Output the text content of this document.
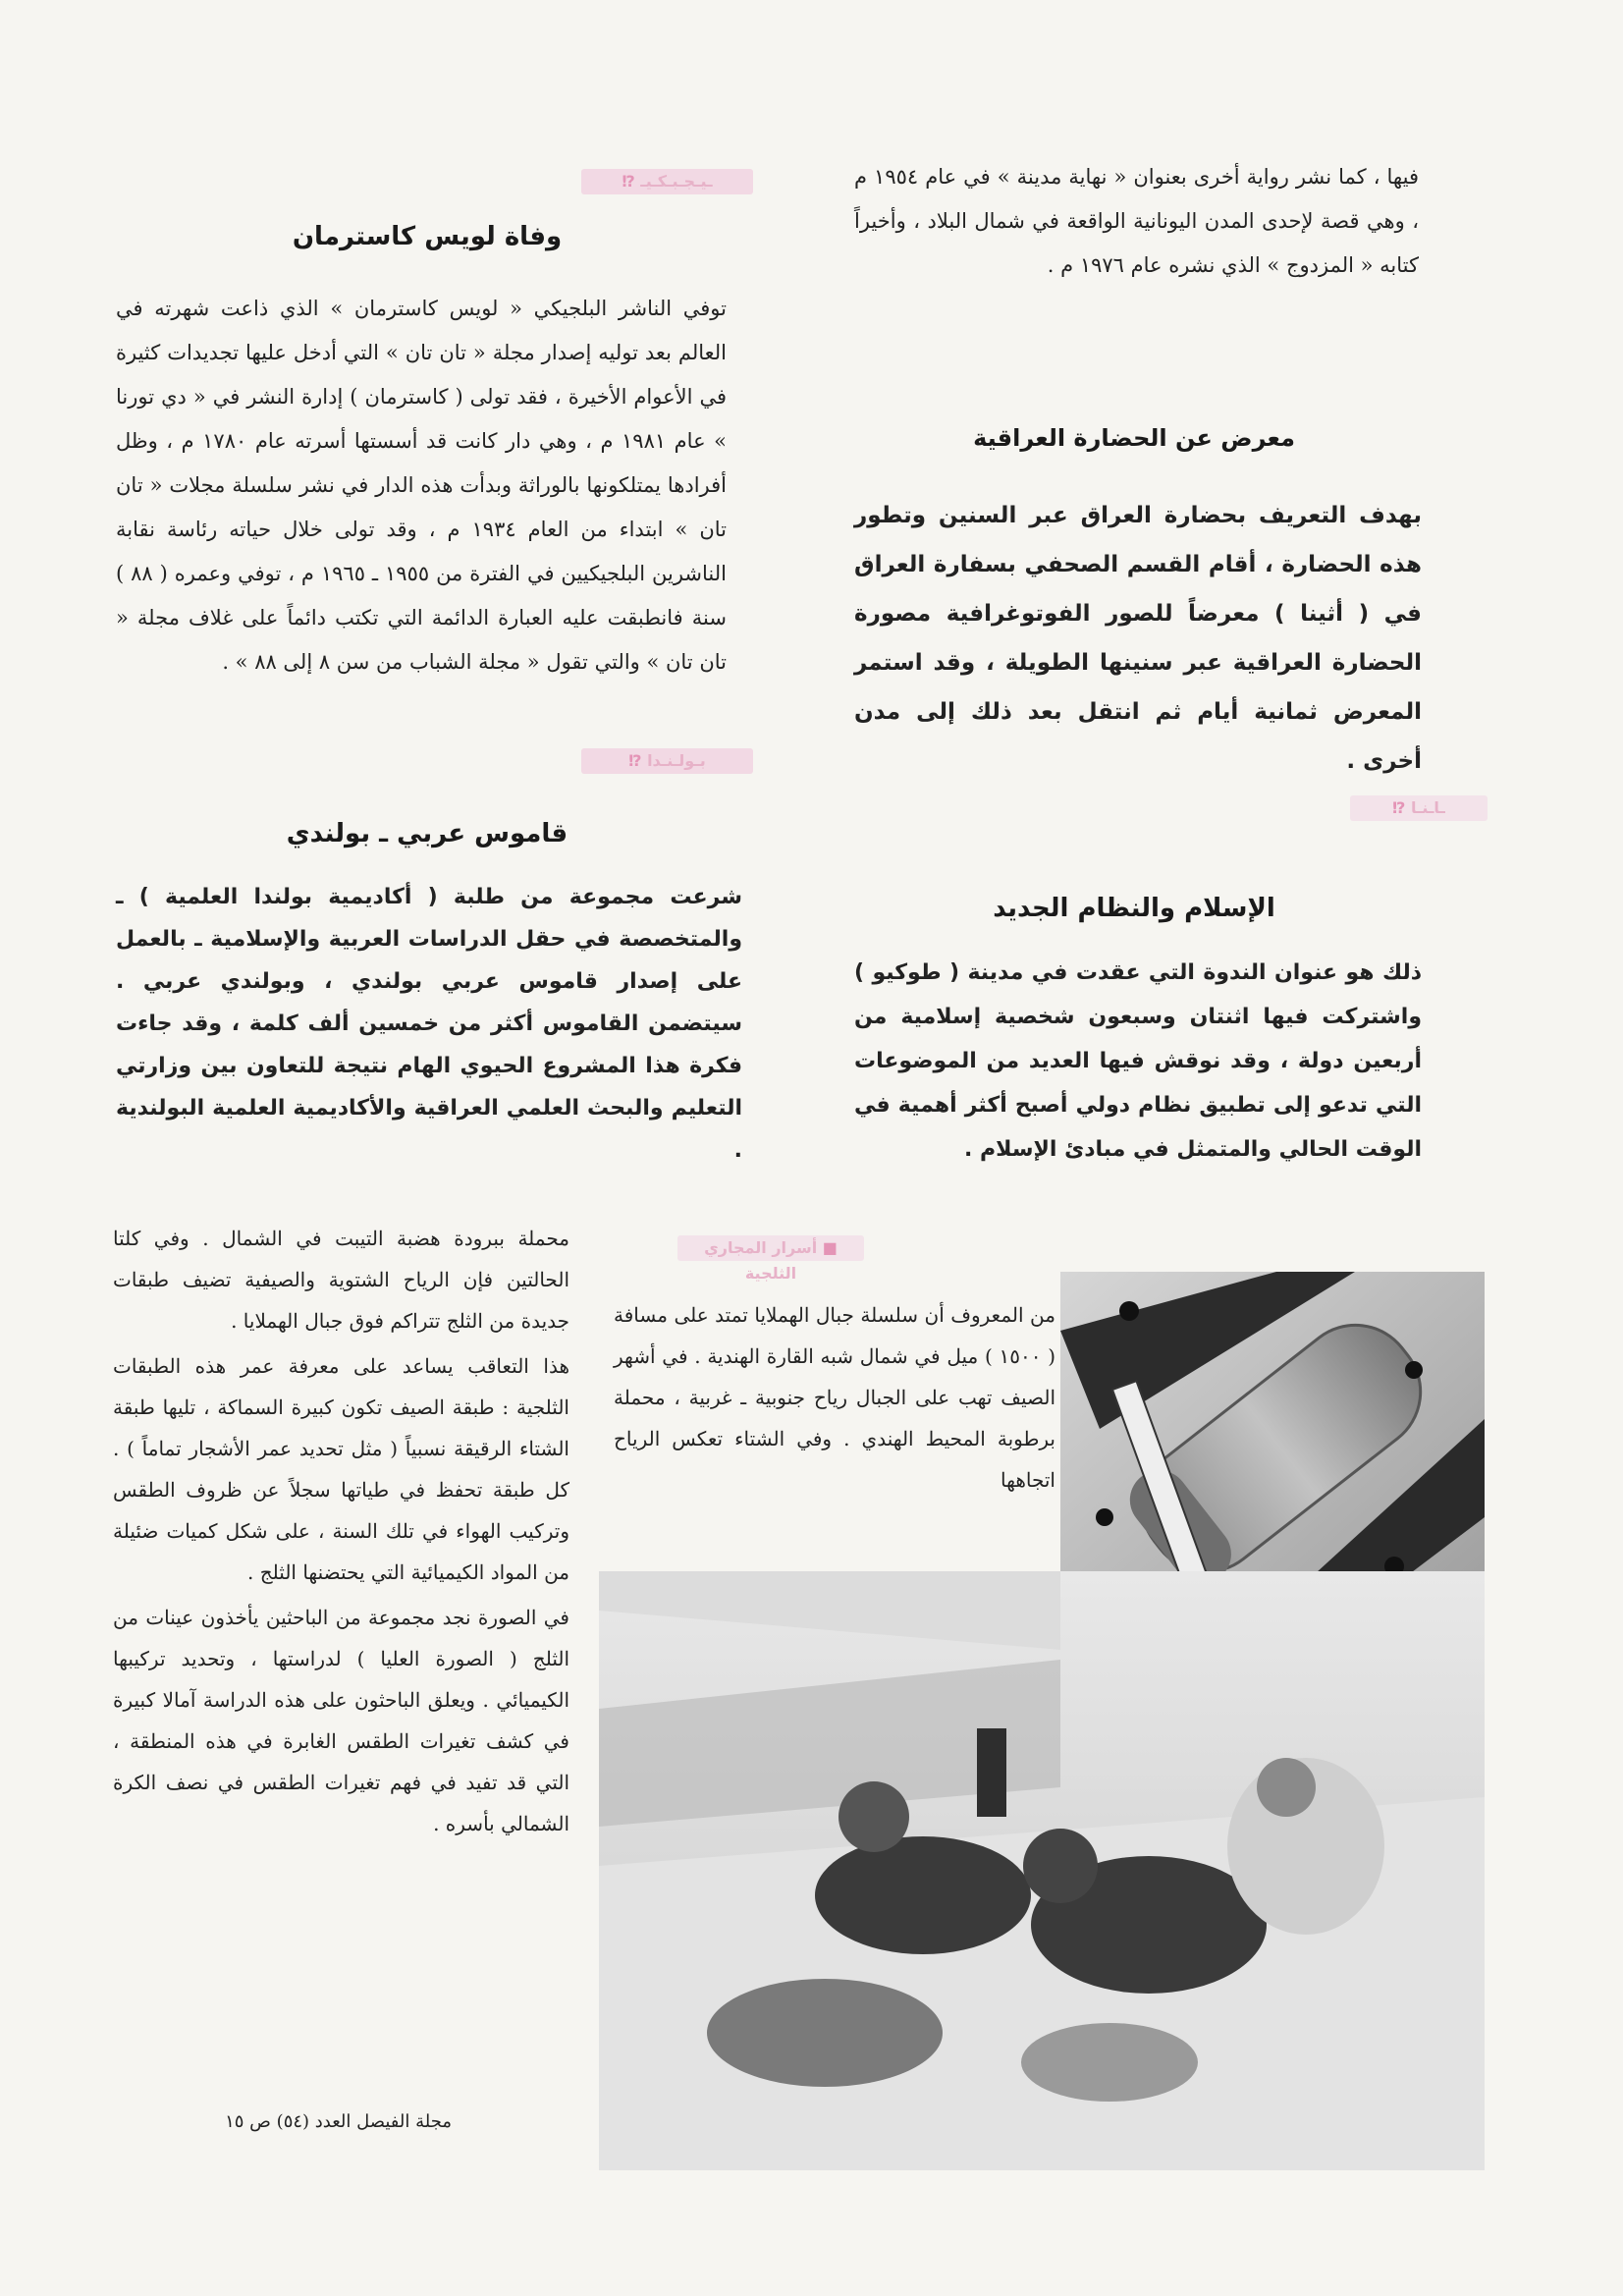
فيها ، كما نشر رواية أخرى بعنوان « نهاية مدينة » في عام ١٩٥٤ م ، وهي قصة لإحدى المدن اليونانية الواقعة في شمال البلاد ، وأخيراً كتابه « المزدوج » الذي نشره عام ١٩٧٦ م .

ـيـجـبـكـيـ ⁉
وفاة لويس كاسترمان

توفي الناشر البلجيكي « لويس كاسترمان » الذي ذاعت شهرته في العالم بعد توليه إصدار مجلة « تان تان » التي أدخل عليها تجديدات كثيرة في الأعوام الأخيرة ، فقد تولى ( كاسترمان ) إدارة النشر في « دي تورنا » عام ١٩٨١ م ، وهي دار كانت قد أسستها أسرته عام ١٧٨٠ م ، وظل أفرادها يمتلكونها بالوراثة وبدأت هذه الدار في نشر سلسلة مجلات « تان تان » ابتداء من العام ١٩٣٤ م ، وقد تولى خلال حياته رئاسة نقابة الناشرين البلجيكيين في الفترة من ١٩٥٥ ـ ١٩٦٥ م ، توفي وعمره ( ٨٨ ) سنة فانطبقت عليه العبارة الدائمة التي تكتب دائماً على غلاف مجلة « تان تان » والتي تقول « مجلة الشباب من سن ٨ إلى ٨٨ » .

معرض عن الحضارة العراقية

بهدف التعريف بحضارة العراق عبر السنين وتطور هذه الحضارة ، أقام القسم الصحفي بسفارة العراق في ( أثينا ) معرضاً للصور الفوتوغرافية مصورة الحضارة العراقية عبر سنينها الطويلة ، وقد استمر المعرض ثمانية أيام ثم انتقل بعد ذلك إلى مدن أخرى .

بـولـنـدا ⁉
ـاـنـا ⁉
قاموس عربي ـ بولندي

شرعت مجموعة من طلبة ( أكاديمية بولندا العلمية ) ـ والمتخصصة في حقل الدراسات العربية والإسلامية ـ بالعمل على إصدار قاموس عربي بولندي ، وبولندي عربي . سيتضمن القاموس أكثر من خمسين ألف كلمة ، وقد جاءت فكرة هذا المشروع الحيوي الهام نتيجة للتعاون بين وزارتي التعليم والبحث العلمي العراقية والأكاديمية العلمية البولندية .

الإسلام والنظام الجديد

ذلك هو عنوان الندوة التي عقدت في مدينة ( طوكيو ) واشتركت فيها اثنتان وسبعون شخصية إسلامية من أربعين دولة ، وقد نوقش فيها العديد من الموضوعات التي تدعو إلى تطبيق نظام دولي أصبح أكثر أهمية في الوقت الحالي والمتمثل في مبادئ الإسلام .

■ أسرار المجاري الثلجية

من المعروف أن سلسلة جبال الهملايا تمتد على مسافة ( ١٥٠٠ ) ميل في شمال شبه القارة الهندية . في أشهر الصيف تهب على الجبال رياح جنوبية ـ غربية ، محملة برطوبة المحيط الهندي . وفي الشتاء تعكس الرياح اتجاهها

محملة ببرودة هضبة التيبت في الشمال . وفي كلتا الحالتين فإن الرياح الشتوية والصيفية تضيف طبقات جديدة من الثلج تتراكم فوق جبال الهملايا .

هذا التعاقب يساعد على معرفة عمر هذه الطبقات الثلجية : طبقة الصيف تكون كبيرة السماكة ، تليها طبقة الشتاء الرقيقة نسبياً ( مثل تحديد عمر الأشجار تماماً ) . كل طبقة تحفظ في طياتها سجلاً عن ظروف الطقس وتركيب الهواء في تلك السنة ، على شكل كميات ضئيلة من المواد الكيميائية التي يحتضنها الثلج .

في الصورة نجد مجموعة من الباحثين يأخذون عينات من الثلج ( الصورة العليا ) لدراستها ، وتحديد تركيبها الكيميائي . ويعلق الباحثون على هذه الدراسة آمالا كبيرة في كشف تغيرات الطقس الغابرة في هذه المنطقة ، التي قد تفيد في فهم تغيرات الطقس في نصف الكرة الشمالي بأسره .

مجلة الفيصل العدد (٥٤) ص ١٥
